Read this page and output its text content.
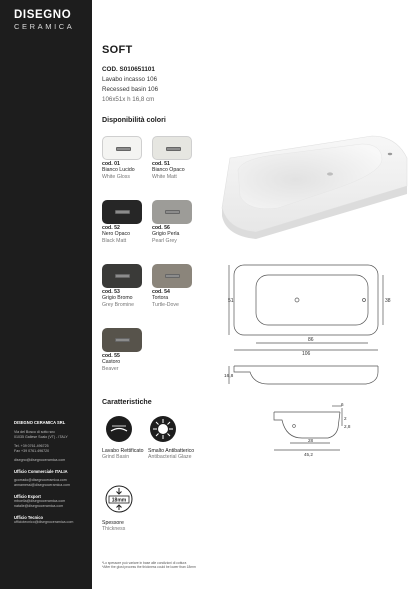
DISEGNO
CERAMICA
DISEGNO CERAMICA SRL
Via del Bosco di sotto snc
01035 Gallese Scalo (VT) - ITALY
Tel. +39 0761.496725
Fax +39 0761.496720
disegno@disegnoceramica.com
Ufficio Commerciale ITALIA
gcorrado@disegnoceramica.com
annamessi@disegnoceramica.com
Ufficio Export
mboella@disegnoceramica.com
natalie@disegnoceramica.com
Ufficio Tecnico
ufficiotecnico@disegnoceramica.com
SOFT
COD. S010651101
Lavabo incasso 106
Recessed basin 106
106x51x h 16,8 cm
Disponibilità colori
cod. 01
Bianco Lucido
White Gloss
cod. 51
Bianco Opaco
White Matt
cod. 52
Nero Opaco
Black Matt
cod. 56
Grigio Perla
Pearl Grey
cod. 53
Grigio Bromo
Grey Bromine
cod. 54
Tortora
Turtle-Dove
cod. 55
Castoro
Beaver
51	38
86
106
16,8
Caratteristiche
Lavabo Rettificato
Grind Basin
Smalto Antibatterico
Antibacterial Glaze
18mm
Spessore
Thickness
6
2
2,8
28
45,2
*Lo spessore può variare in base alle condizioni di cottura
*After the glost process the thickness could be lower than 18mm
